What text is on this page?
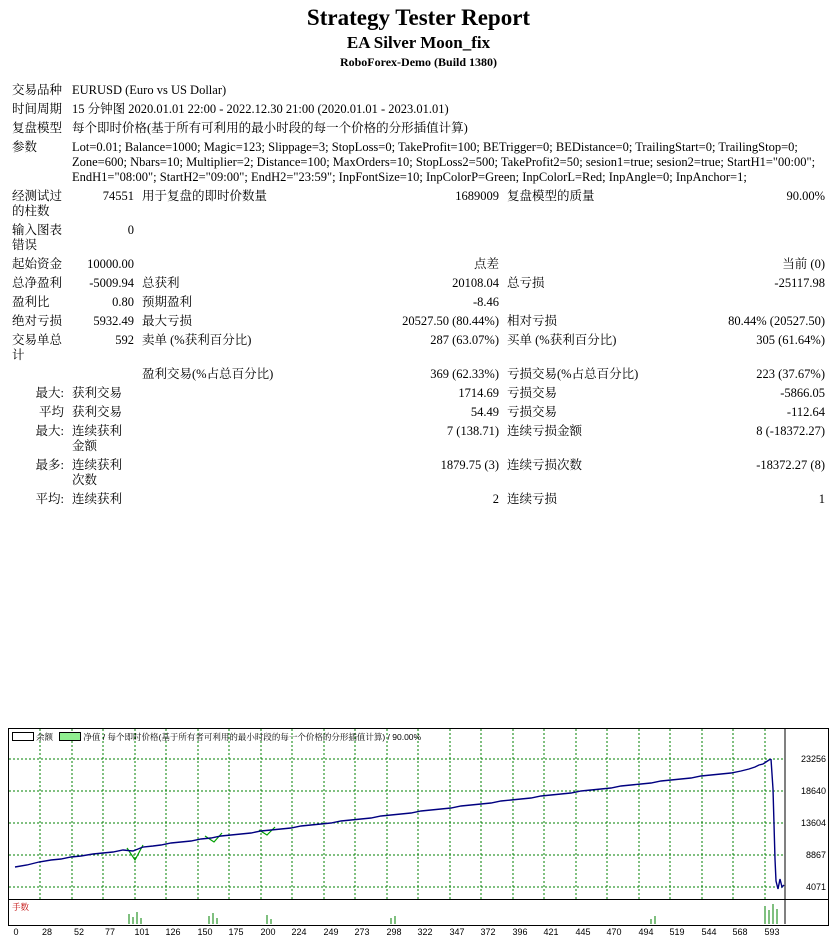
Strategy Tester Report
EA Silver Moon_fix
RoboForex-Demo (Build 1380)
交易品种	EURUSD (Euro vs US Dollar)				
时间周期	15 分钟图 2020.01.01 22:00 - 2022.12.30 21:00 (2020.01.01 - 2023.01.01)				
复盘模型	每个即时价格(基于所有可利用的最小时段的每一个价格的分形插值计算)				
参数	Lot=0.01; Balance=1000; Magic=123; Slippage=3; StopLoss=0; TakeProfit=100; BETrigger=0; BEDistance=0; TrailingStart=0; TrailingStop=0; Zone=600; Nbars=10; Multiplier=2; Distance=100; MaxOrders=10; StopLoss2=500; TakeProfit2=50; sesion1=true; sesion2=true; StartH1="00:00"; EndH1="08:00"; StartH2="09:00"; EndH2="23:59"; InpFontSize=10; InpColorP=Green; InpColorL=Red; InpAngle=0; InpAnchor=1;				
经测试过的柱数	74551	用于复盘的即时价数量	1689009	复盘模型的质量	90.00%
输入图表错误	0				
起始资金	10000.00		点差		当前 (0)
总净盈利	-5009.94	总获利	20108.04	总亏损	-25117.98
盈利比	0.80	预期盈利	-8.46		
绝对亏损	5932.49	最大亏损	20527.50 (80.44%)	相对亏损	80.44% (20527.50)
交易单总计	592	卖单 (%获利百分比)	287 (63.07%)	买单 (%获利百分比)	305 (61.64%)
		盈利交易(%占总百分比)	369 (62.33%)	亏损交易(%占总百分比)	223 (37.67%)
最大:	获利交易		1714.69	亏损交易	-5866.05
平均	获利交易		54.49	亏损交易	-112.64
最大:	连续获利金额		7 (138.71)	连续亏损金额	8 (-18372.27)
最多:	连续获利次数		1879.75 (3)	连续亏损次数	-18372.27 (8)
平均:	连续获利		2	连续亏损	1
余额	净值 / 每个即时价格(基于所有者可利用的最小时段的每一个价格的分形插值计算) / 90.00%
23256
18640
13604
8867
4071
手数
0	28 52 77 101 126 150 175 200 224 249 273 298 322 347 372 396 421 445 470 494 519 544 568 593
